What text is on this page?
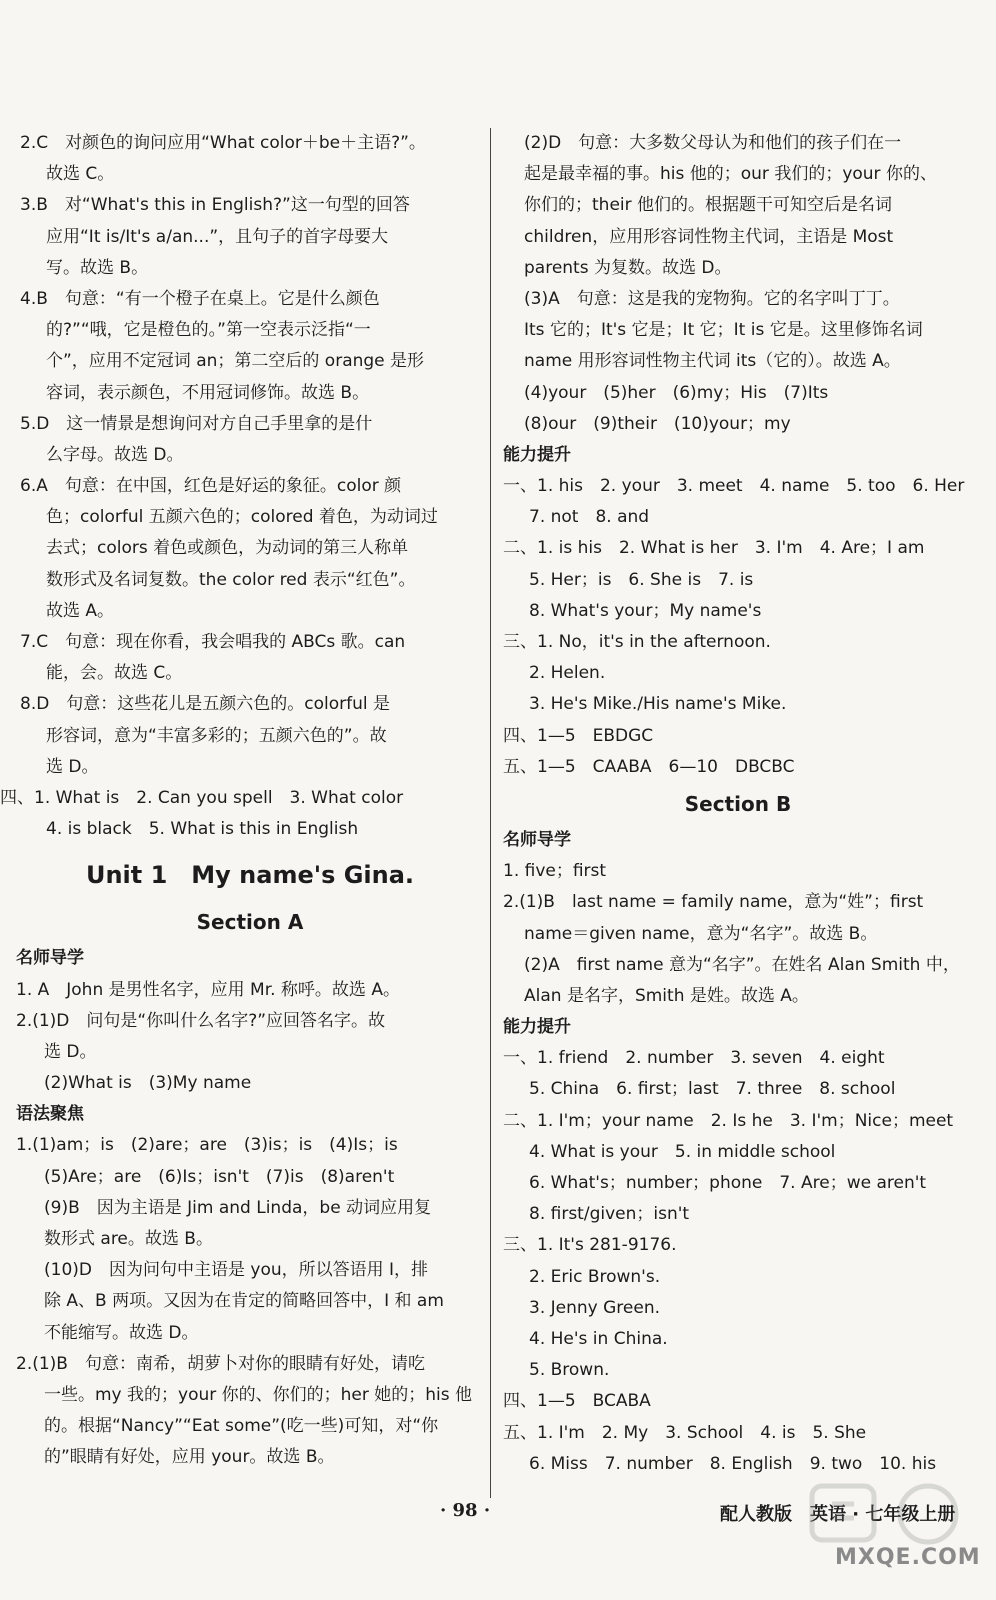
2.C　对颜色的询问应用“What color＋be＋主语?”。
故选 C。
3.B　对“What's this in English?”这一句型的回答
应用“It is/It's a/an...”，且句子的首字母要大
写。故选 B。
4.B　句意：“有一个橙子在桌上。它是什么颜色
的?”“哦，它是橙色的。”第一空表示泛指“一
个”，应用不定冠词 an；第二空后的 orange 是形
容词，表示颜色，不用冠词修饰。故选 B。
5.D　这一情景是想询问对方自己手里拿的是什
么字母。故选 D。
6.A　句意：在中国，红色是好运的象征。color 颜
色；colorful 五颜六色的；colored 着色，为动词过
去式；colors 着色或颜色，为动词的第三人称单
数形式及名词复数。the color red 表示“红色”。
故选 A。
7.C　句意：现在你看，我会唱我的 ABCs 歌。can
能，会。故选 C。
8.D　句意：这些花儿是五颜六色的。colorful 是
形容词，意为“丰富多彩的；五颜六色的”。故
选 D。
四、1. What is　2. Can you spell　3. What color
4. is black　5. What is this in English
Unit 1　My name's Gina.
Section A
名师导学
1. A　John 是男性名字，应用 Mr. 称呼。故选 A。
2.(1)D　问句是“你叫什么名字?”应回答名字。故
选 D。
(2)What is　(3)My name
语法聚焦
1.(1)am；is　(2)are；are　(3)is；is　(4)Is；is
(5)Are；are　(6)Is；isn't　(7)is　(8)aren't
(9)B　因为主语是 Jim and Linda，be 动词应用复
数形式 are。故选 B。
(10)D　因为问句中主语是 you，所以答语用 I，排
除 A、B 两项。又因为在肯定的简略回答中，I 和 am
不能缩写。故选 D。
2.(1)B　句意：南希，胡萝卜对你的眼睛有好处，请吃
一些。my 我的；your 你的、你们的；her 她的；his 他
的。根据“Nancy”“Eat some”(吃一些)可知，对“你
的”眼睛有好处，应用 your。故选 B。
(2)D　句意：大多数父母认为和他们的孩子们在一
起是最幸福的事。his 他的；our 我们的；your 你的、
你们的；their 他们的。根据题干可知空后是名词
children，应用形容词性物主代词，主语是 Most
parents 为复数。故选 D。
(3)A　句意：这是我的宠物狗。它的名字叫丁丁。
Its 它的；It's 它是；It 它；It is 它是。这里修饰名词
name 用形容词性物主代词 its（它的）。故选 A。
(4)your　(5)her　(6)my；His　(7)Its
(8)our　(9)their　(10)your；my
能力提升
一、1. his　2. your　3. meet　4. name　5. too　6. Her
7. not　8. and
二、1. is his　2. What is her　3. I'm　4. Are；I am
5. Her；is　6. She is　7. is
8. What's your；My name's
三、1. No，it's in the afternoon.
2. Helen.
3. He's Mike./His name's Mike.
四、1—5　EBDGC
五、1—5　CAABA　6—10　DBCBC
Section B
名师导学
1. five；first
2.(1)B　last name = family name，意为“姓”；first
name＝given name，意为“名字”。故选 B。
(2)A　first name 意为“名字”。在姓名 Alan Smith 中，
Alan 是名字，Smith 是姓。故选 A。
能力提升
一、1. friend　2. number　3. seven　4. eight
5. China　6. first；last　7. three　8. school
二、1. I'm；your name　2. Is he　3. I'm；Nice；meet
4. What is your　5. in middle school
6. What's；number；phone　7. Are；we aren't
8. first/given；isn't
三、1. It's 281-9176.
2. Eric Brown's.
3. Jenny Green.
4. He's in China.
5. Brown.
四、1—5　BCABA
五、1. I'm　2. My　3. School　4. is　5. She
6. Miss　7. number　8. English　9. two　10. his
· 98 ·	配人教版　英语 · 七年级上册
MXQE.COM
